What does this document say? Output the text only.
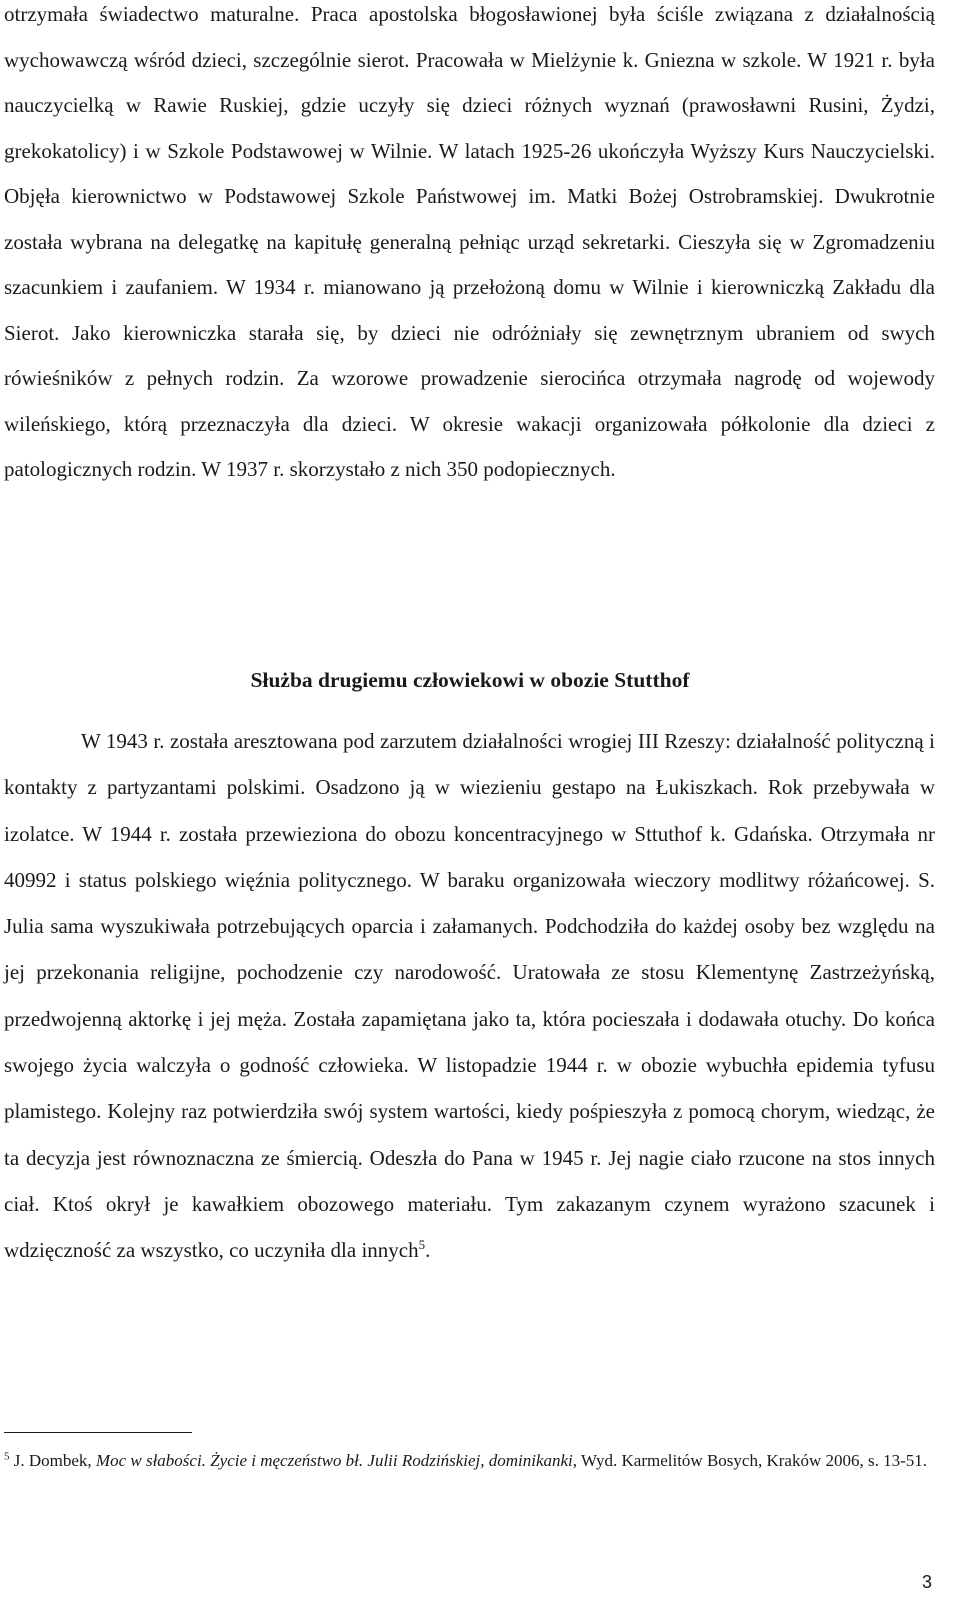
otrzymała świadectwo maturalne. Praca apostolska błogosławionej była ściśle związana z działalnością wychowawczą wśród dzieci, szczególnie sierot. Pracowała w Mielżynie k. Gniezna w szkole. W 1921 r. była nauczycielką w Rawie Ruskiej, gdzie uczyły się dzieci różnych wyznań (prawosławni Rusini, Żydzi, grekokatolicy) i w Szkole Podstawowej w Wilnie. W latach 1925-26 ukończyła Wyższy Kurs Nauczycielski. Objęła kierownictwo w Podstawowej Szkole Państwowej im. Matki Bożej Ostrobramskiej. Dwukrotnie została wybrana na delegatkę na kapitułę generalną pełniąc urząd sekretarki. Cieszyła się w Zgromadzeniu szacunkiem i zaufaniem. W 1934 r. mianowano ją przełożoną domu w Wilnie i kierowniczką Zakładu dla Sierot. Jako kierowniczka starała się, by dzieci nie odróżniały się zewnętrznym ubraniem od swych rówieśników z pełnych rodzin. Za wzorowe prowadzenie sierocińca otrzymała nagrodę od wojewody wileńskiego, którą przeznaczyła dla dzieci. W okresie wakacji organizowała półkolonie dla dzieci z patologicznych rodzin. W 1937 r. skorzystało z nich 350 podopiecznych.

Służba drugiemu człowiekowi w obozie Stutthof

W 1943 r. została aresztowana pod zarzutem działalności wrogiej III Rzeszy: działalność polityczną i kontakty z partyzantami polskimi. Osadzono ją w wiezieniu gestapo na Łukiszkach. Rok przebywała w izolatce. W 1944 r. została przewieziona do obozu koncentracyjnego w Sttuthof k. Gdańska. Otrzymała nr 40992 i status polskiego więźnia politycznego. W baraku organizowała wieczory modlitwy różańcowej. S. Julia sama wyszukiwała potrzebujących oparcia i załamanych. Podchodziła do każdej osoby bez względu na jej przekonania religijne, pochodzenie czy narodowość. Uratowała ze stosu Klementynę Zastrzeżyńską, przedwojenną aktorkę i jej męża. Została zapamiętana jako ta, która pocieszała i dodawała otuchy. Do końca swojego życia walczyła o godność człowieka. W listopadzie 1944 r. w obozie wybuchła epidemia tyfusu plamistego. Kolejny raz potwierdziła swój system wartości, kiedy pośpieszyła z pomocą chorym, wiedząc, że ta decyzja jest równoznaczna ze śmiercią. Odeszła do Pana w 1945 r. Jej nagie ciało rzucone na stos innych ciał. Ktoś okrył je kawałkiem obozowego materiału. Tym zakazanym czynem wyrażono szacunek i wdzięczność za wszystko, co uczyniła dla innych$^5$.

$^5$ J. Dombek, Moc w słabości. Życie i męczeństwo bł. Julii Rodzińskiej, dominikanki, Wyd. Karmelitów Bosych, Kraków 2006, s. 13-51.

3
